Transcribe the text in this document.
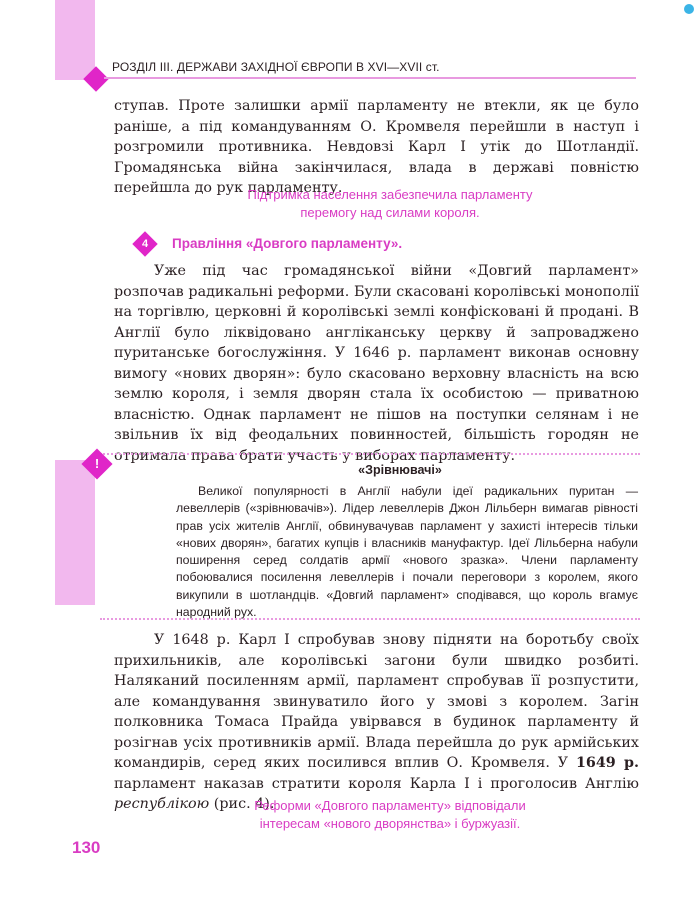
РОЗДІЛ ІІІ. ДЕРЖАВИ ЗАХІДНОЇ ЄВРОПИ В XVI—XVII ст.

ступав. Проте залишки армії парламенту не втекли, як це було раніше, а під командуванням О. Кромвеля перейшли в наступ і розгромили противника. Невдовзі Карл І утік до Шотландії. Громадянська війна закінчилася, влада в державі повністю перейшла до рук парламенту.

Підтримка населення забезпечила парламенту
перемогу над силами короля.
4	Правління «Довгого парламенту».

Уже під час громадянської війни «Довгий парламент» розпочав радикальні реформи. Були скасовані королівські монополії на торгівлю, церковні й королівські землі конфісковані й продані. В Англії було ліквідовано англіканську церкву й запроваджено пуританське богослужіння. У 1646 р. парламент виконав основну вимогу «нових дворян»: було скасовано верховну власність на всю землю короля, і земля дворян стала їх особистою — приватною власністю. Однак парламент не пішов на поступки селянам і не звільнив їх від феодальних повинностей, більшість городян не отримала права брати участь у виборах парламенту.

!	«Зрівнювачі»

Великої популярності в Англії набули ідеї радикальних пуритан — левеллерів («зрівнювачів»). Лідер левеллерів Джон Лільберн вимагав рівності прав усіх жителів Англії, обвинувачував парламент у захисті інтересів тільки «нових дворян», багатих купців і власників мануфактур. Ідеї Лільберна набули поширення серед солдатів армії «нового зразка». Члени парламенту побоювалися посилення левеллерів і почали переговори з королем, якого викупили в шотландців. «Довгий парламент» сподівався, що король вгамує народний рух.

У 1648 р. Карл І спробував знову підняти на боротьбу своїх прихильників, але королівські загони були швидко розбиті. Наляканий посиленням армії, парламент спробував її розпустити, але командування звинуватило його у змові з королем. Загін полковника Томаса Прайда увірвався в будинок парламенту й розігнав усіх противників армії. Влада перейшла до рук армійських командирів, серед яких посилився вплив О. Кромвеля. У 1649 р. парламент наказав стратити короля Карла І і проголосив Англію республікою (рис. 4).

Реформи «Довгого парламенту» відповідали
інтересам «нового дворянства» і буржуазії.
130
